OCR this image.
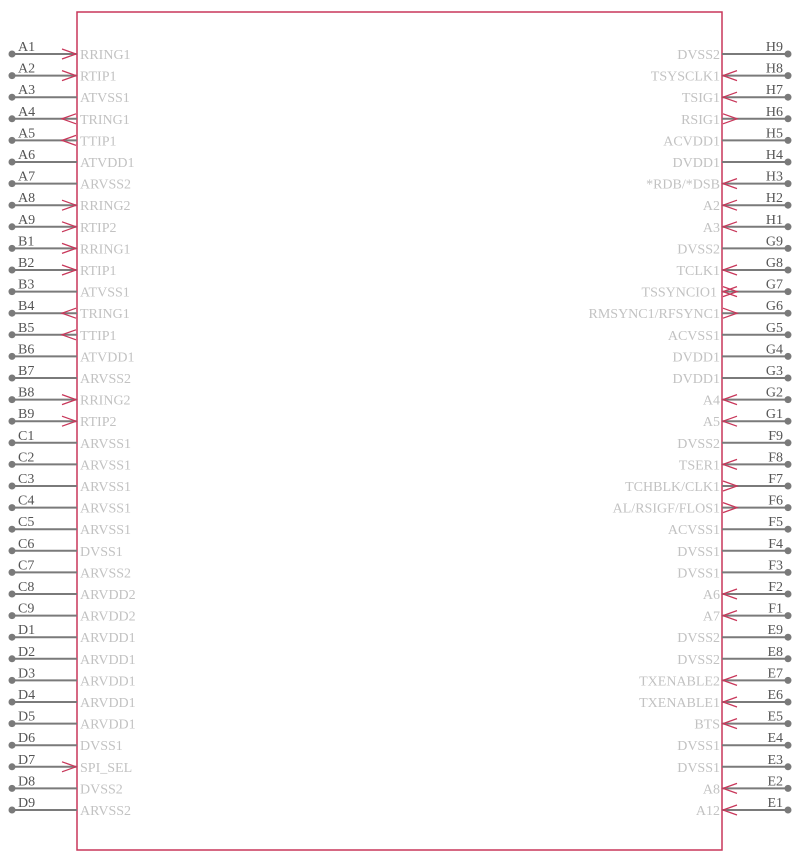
A1
RRING1
A2
RTIP1
A3
ATVSS1
A4
TRING1
A5
TTIP1
A6
ATVDD1
A7
ARVSS2
A8
RRING2
A9
RTIP2
B1
RRING1
B2
RTIP1
B3
ATVSS1
B4
TRING1
B5
TTIP1
B6
ATVDD1
B7
ARVSS2
B8
RRING2
B9
RTIP2
C1
ARVSS1
C2
ARVSS1
C3
ARVSS1
C4
ARVSS1
C5
ARVSS1
C6
DVSS1
C7
ARVSS2
C8
ARVDD2
C9
ARVDD2
D1
ARVDD1
D2
ARVDD1
D3
ARVDD1
D4
ARVDD1
D5
ARVDD1
D6
DVSS1
D7
SPI_SEL
D8
DVSS2
D9
ARVSS2
H9
DVSS2
H8
TSYSCLK1
H7
TSIG1
H6
RSIG1
H5
ACVDD1
H4
DVDD1
H3
*RDB/*DSB
H2
A2
H1
A3
G9
DVSS2
G8
TCLK1
G7
TSSYNCIO1
G6
RMSYNC1/RFSYNC1
G5
ACVSS1
G4
DVDD1
G3
DVDD1
G2
A4
G1
A5
F9
DVSS2
F8
TSER1
F7
TCHBLK/CLK1
F6
AL/RSIGF/FLOS1
F5
ACVSS1
F4
DVSS1
F3
DVSS1
F2
A6
F1
A7
E9
DVSS2
E8
DVSS2
E7
TXENABLE2
E6
TXENABLE1
E5
BTS
E4
DVSS1
E3
DVSS1
E2
A8
E1
A12
